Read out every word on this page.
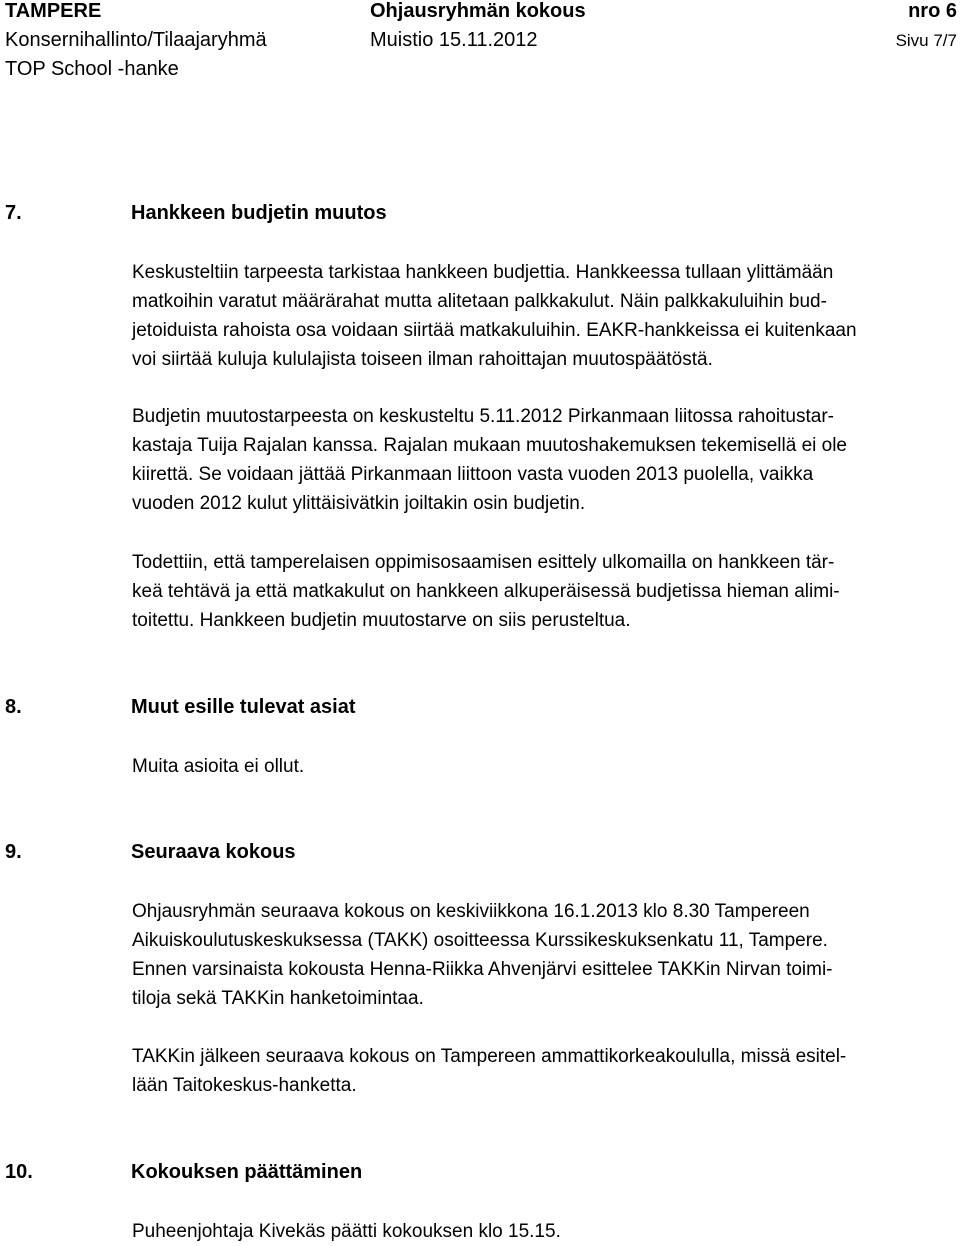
TAMPERE	Ohjausryhmän kokous	nro 6
Konsernihallinto/Tilaajaryhmä	Muistio 15.11.2012	Sivu 7/7
TOP School -hanke
7.	Hankkeen budjetin muutos

Keskusteltiin tarpeesta tarkistaa hankkeen budjettia. Hankkeessa tullaan ylittämään
matkoihin varatut määrärahat mutta alitetaan palkkakulut. Näin palkkakuluihin bud-
jetoiduista rahoista osa voidaan siirtää matkakuluihin. EAKR-hankkeissa ei kuitenkaan
voi siirtää kuluja kululajista toiseen ilman rahoittajan muutospäätöstä.

Budjetin muutostarpeesta on keskusteltu 5.11.2012 Pirkanmaan liitossa rahoitustar-
kastaja Tuija Rajalan kanssa. Rajalan mukaan muutoshakemuksen tekemisellä ei ole
kiirettä. Se voidaan jättää Pirkanmaan liittoon vasta vuoden 2013 puolella, vaikka
vuoden 2012 kulut ylittäisivätkin joiltakin osin budjetin.

Todettiin, että tamperelaisen oppimisosaamisen esittely ulkomailla on hankkeen tär-
keä tehtävä ja että matkakulut on hankkeen alkuperäisessä budjetissa hieman alimi-
toitettu. Hankkeen budjetin muutostarve on siis perusteltua.

8.	Muut esille tulevat asiat

Muita asioita ei ollut.

9.	Seuraava kokous

Ohjausryhmän seuraava kokous on keskiviikkona 16.1.2013 klo 8.30 Tampereen
Aikuiskoulutuskeskuksessa (TAKK) osoitteessa Kurssikeskuksenkatu 11, Tampere.
Ennen varsinaista kokousta Henna-Riikka Ahvenjärvi esittelee TAKKin Nirvan toimi-
tiloja sekä TAKKin hanketoimintaa.

TAKKin jälkeen seuraava kokous on Tampereen ammattikorkeakoululla, missä esitel-
lään Taitokeskus-hanketta.

10.	Kokouksen päättäminen

Puheenjohtaja Kivekäs päätti kokouksen klo 15.15.
